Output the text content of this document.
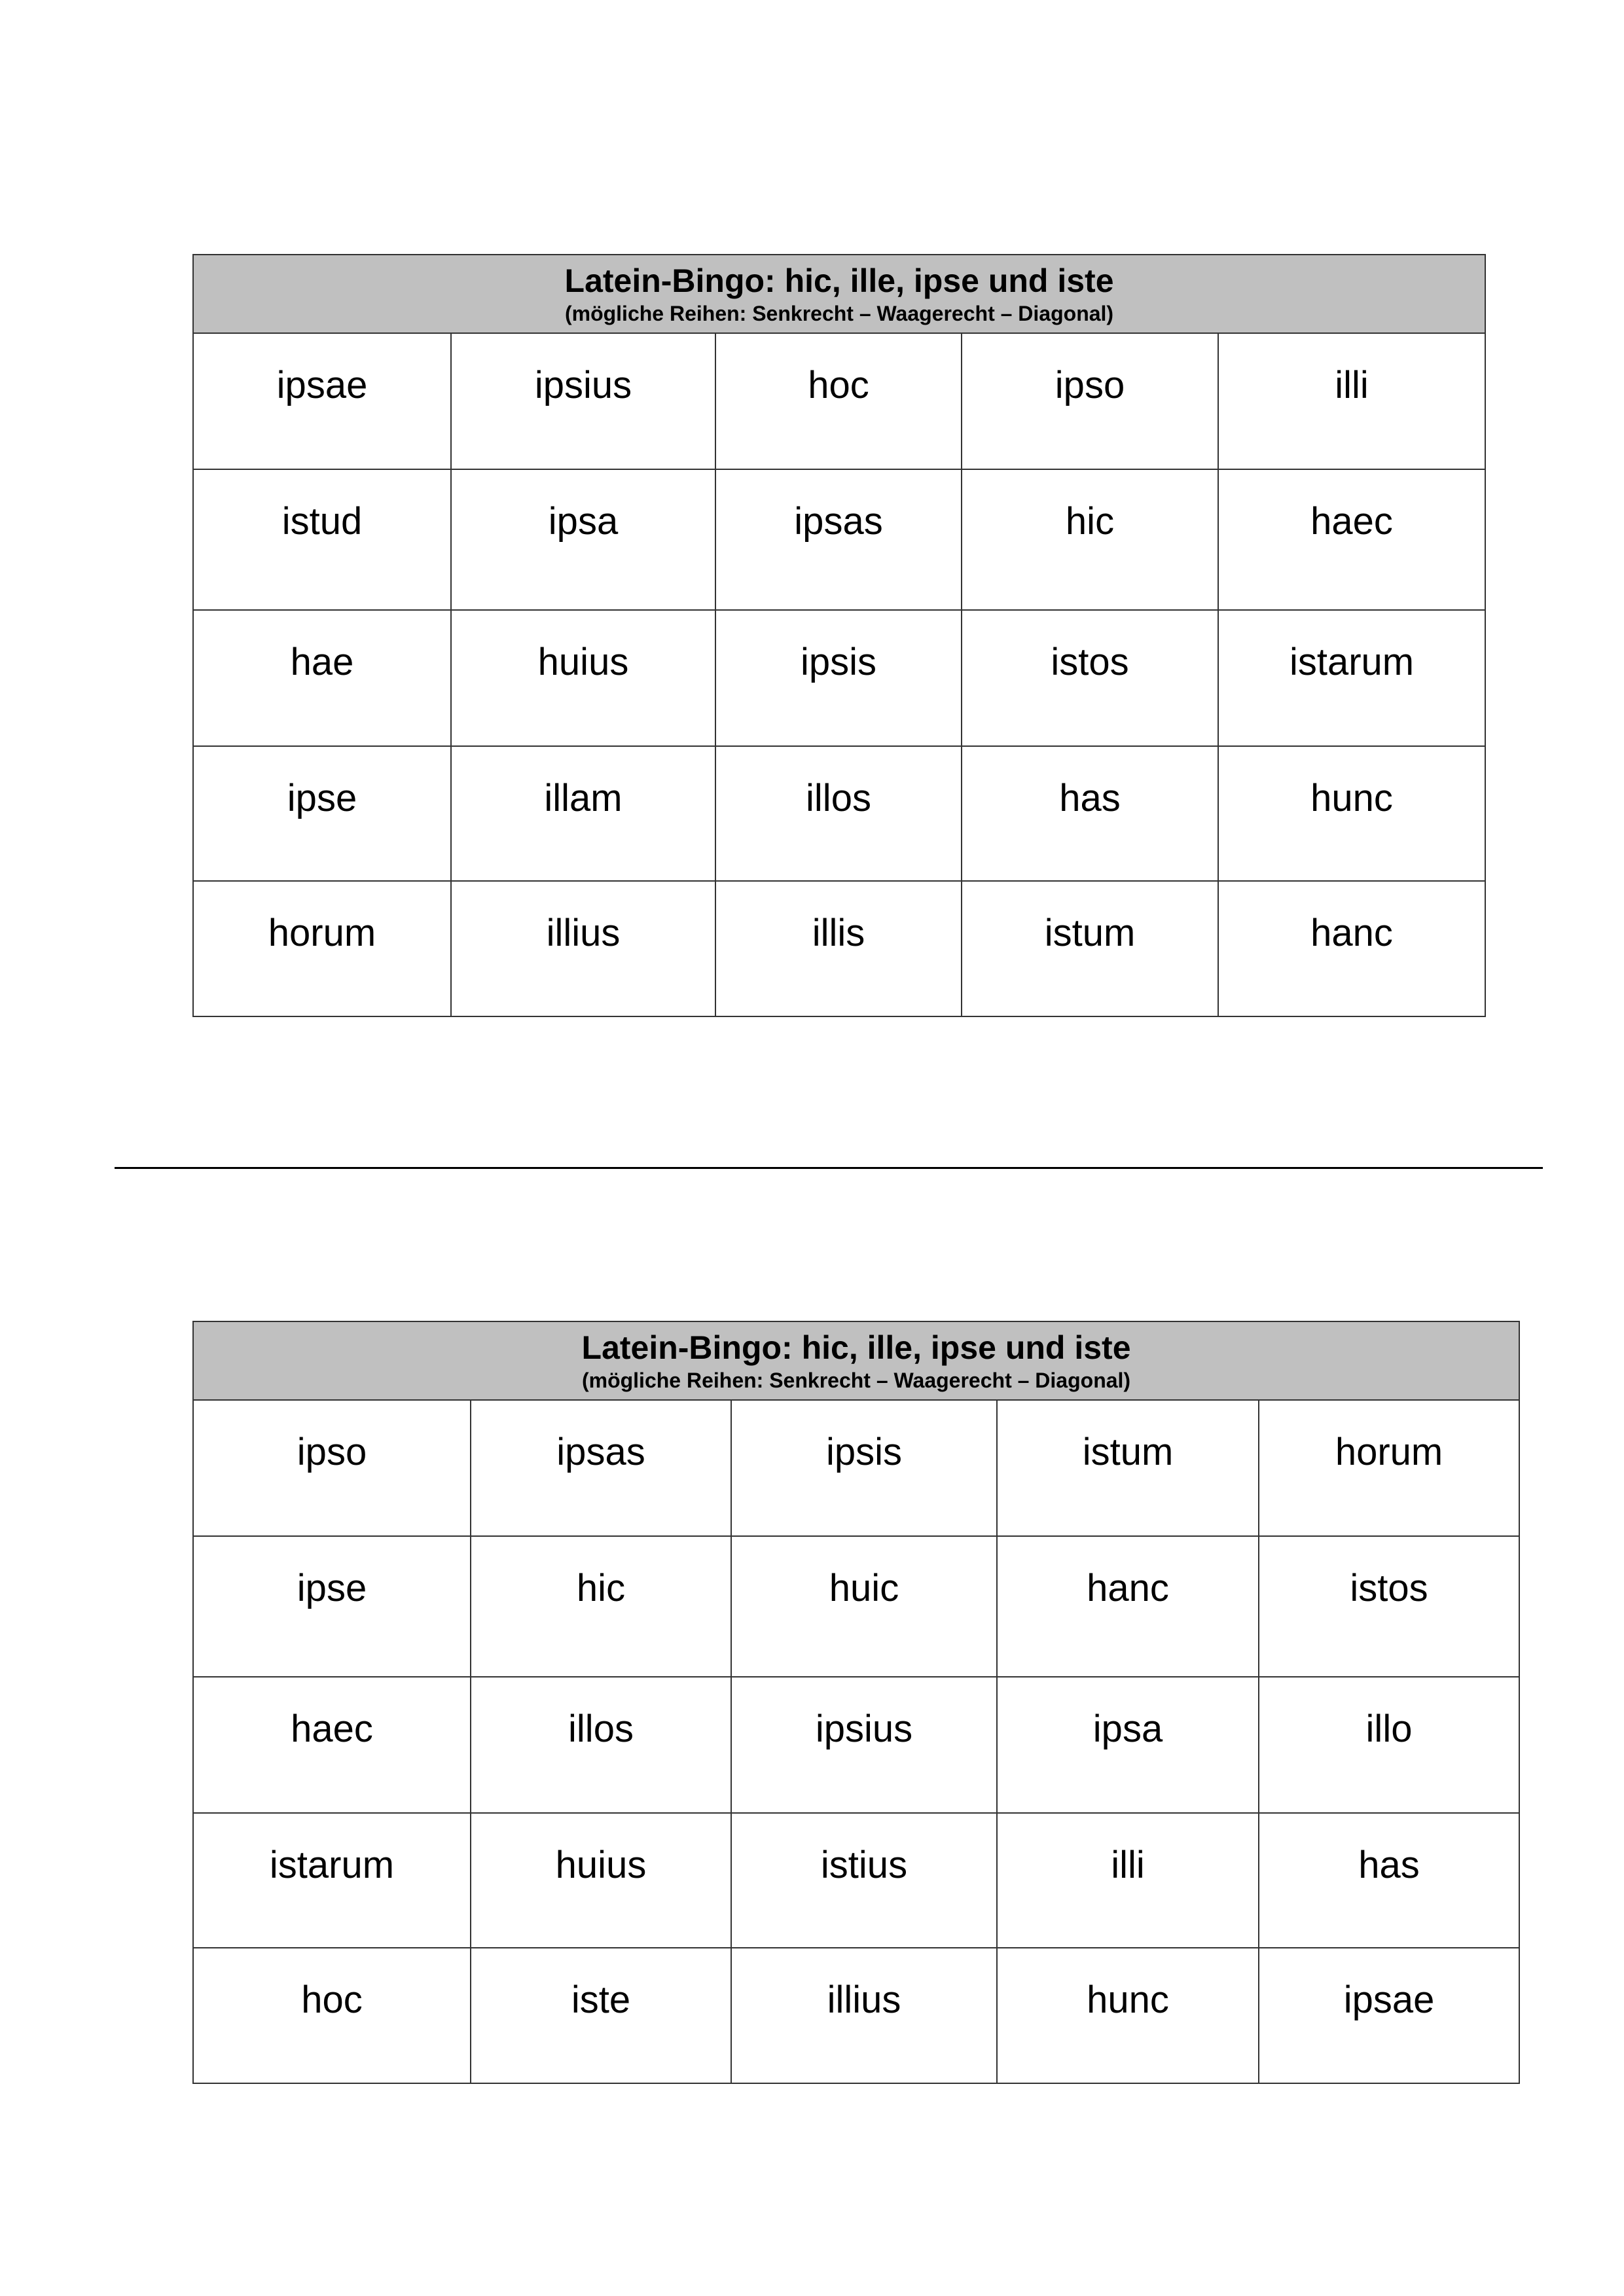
Latein-Bingo: hic, ille, ipse und iste
(mögliche Reihen: Senkrecht – Waagerecht – Diagonal)				

ipsae	ipsius	hoc	ipso	illi

istud	ipsa	ipsas	hic	haec

hae	huius	ipsis	istos	istarum

ipse	illam	illos	has	hunc

horum	illius	illis	istum	hanc
Latein-Bingo: hic, ille, ipse und iste
(mögliche Reihen: Senkrecht – Waagerecht – Diagonal)				

ipso	ipsas	ipsis	istum	horum

ipse	hic	huic	hanc	istos

haec	illos	ipsius	ipsa	illo

istarum	huius	istius	illi	has

hoc	iste	illius	hunc	ipsae
